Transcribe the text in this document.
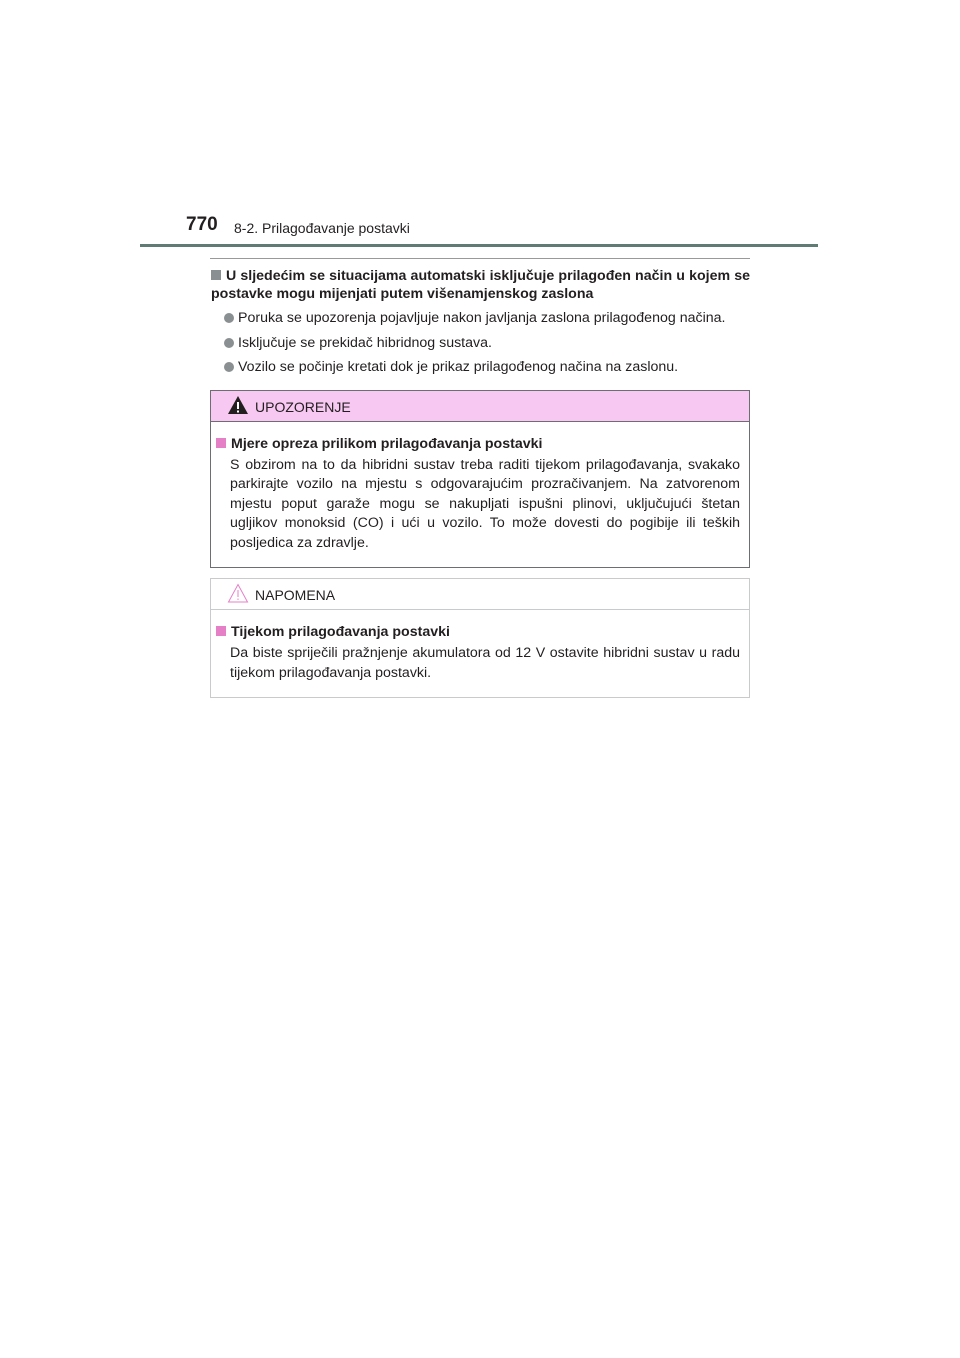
770 8-2. Prilagođavanje postavki
U sljedećim se situacijama automatski isključuje prilagođen način u kojem se postavke mogu mijenjati putem višenamjenskog zaslona
Poruka se upozorenja pojavljuje nakon javljanja zaslona prilagođenog načina.
Isključuje se prekidač hibridnog sustava.
Vozilo se počinje kretati dok je prikaz prilagođenog načina na zaslonu.
UPOZORENJE
Mjere opreza prilikom prilagođavanja postavki
S obzirom na to da hibridni sustav treba raditi tijekom prilagođavanja, svakako parkirajte vozilo na mjestu s odgovarajućim prozračivanjem. Na zatvorenom mjestu poput garaže mogu se nakupljati ispušni plinovi, uključujući štetan ugljikov monoksid (CO) i ući u vozilo. To može dovesti do pogibije ili teških posljedica za zdravlje.
NAPOMENA
Tijekom prilagođavanja postavki
Da biste spriječili pražnjenje akumulatora od 12 V ostavite hibridni sustav u radu tijekom prilagođavanja postavki.
